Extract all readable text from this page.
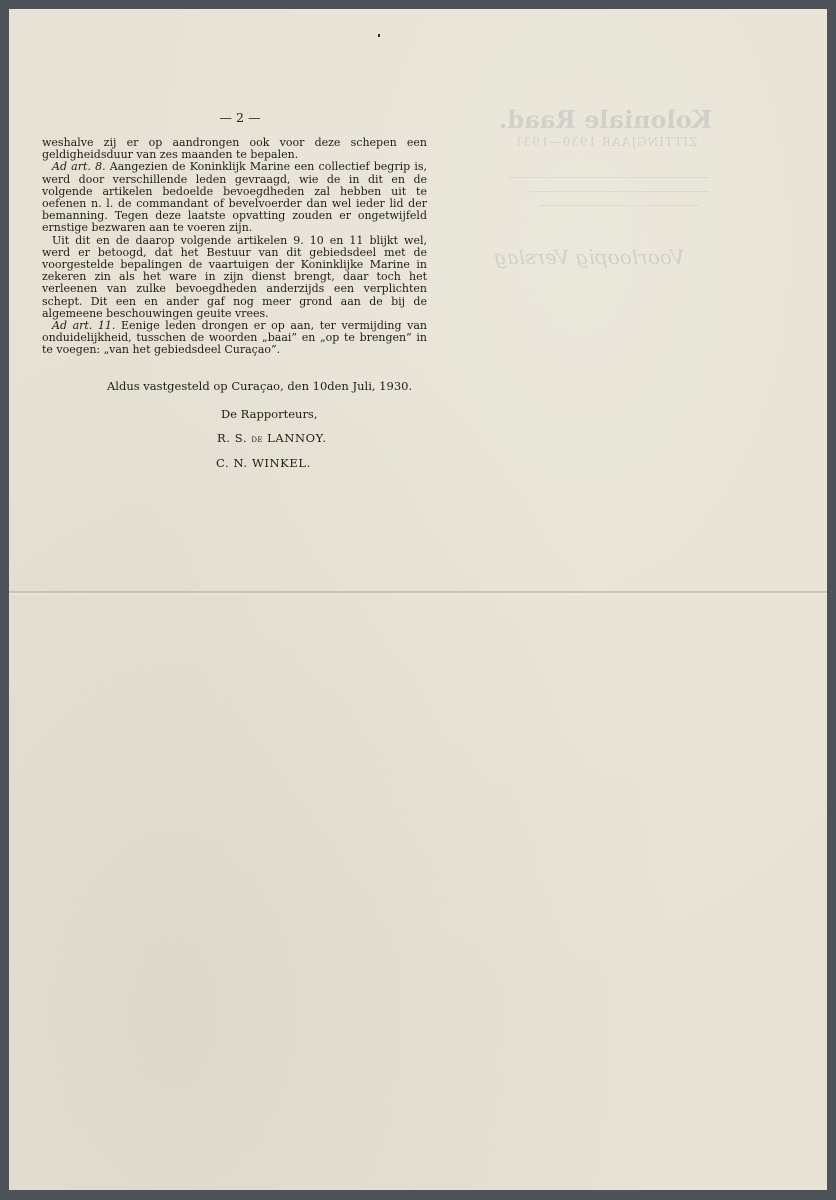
Koloniale Raad.
ZITTINGJAAR 1930—1931
Voorloopig Verslag
— 2 —

weshalve zij er op aandrongen ook voor deze schepen een geldigheidsduur van zes maanden te bepalen.

Ad art. 8. Aangezien de Koninklijk Marine een collectief begrip is, werd door verschillende leden gevraagd, wie de in dit en de volgende artikelen bedoelde bevoegdheden zal hebben uit te oefenen n. l. de commandant of bevelvoerder dan wel ieder lid der bemanning. Tegen deze laatste opvatting zouden er ongetwijfeld ernstige bezwaren aan te voeren zijn.

Uit dit en de daarop volgende artikelen 9. 10 en 11 blijkt wel, werd er betoogd, dat het Bestuur van dit gebiedsdeel met de voorgestelde bepalingen de vaartuigen der Koninklijke Marine in zekeren zin als het ware in zijn dienst brengt, daar toch het verleenen van zulke bevoegdheden anderzijds een verplichten schept. Dit een en ander gaf nog meer grond aan de bij de algemeene beschouwingen geuite vrees.

Ad art. 11. Eenige leden drongen er op aan, ter vermijding van onduidelijkheid, tusschen de woorden „baai” en „op te brengen” in te voegen: „van het gebiedsdeel Curaçao”.

Aldus vastgesteld op Curaçao, den 10den Juli, 1930.
De Rapporteurs,
R. S. de LANNOY.
C. N. WINKEL.
